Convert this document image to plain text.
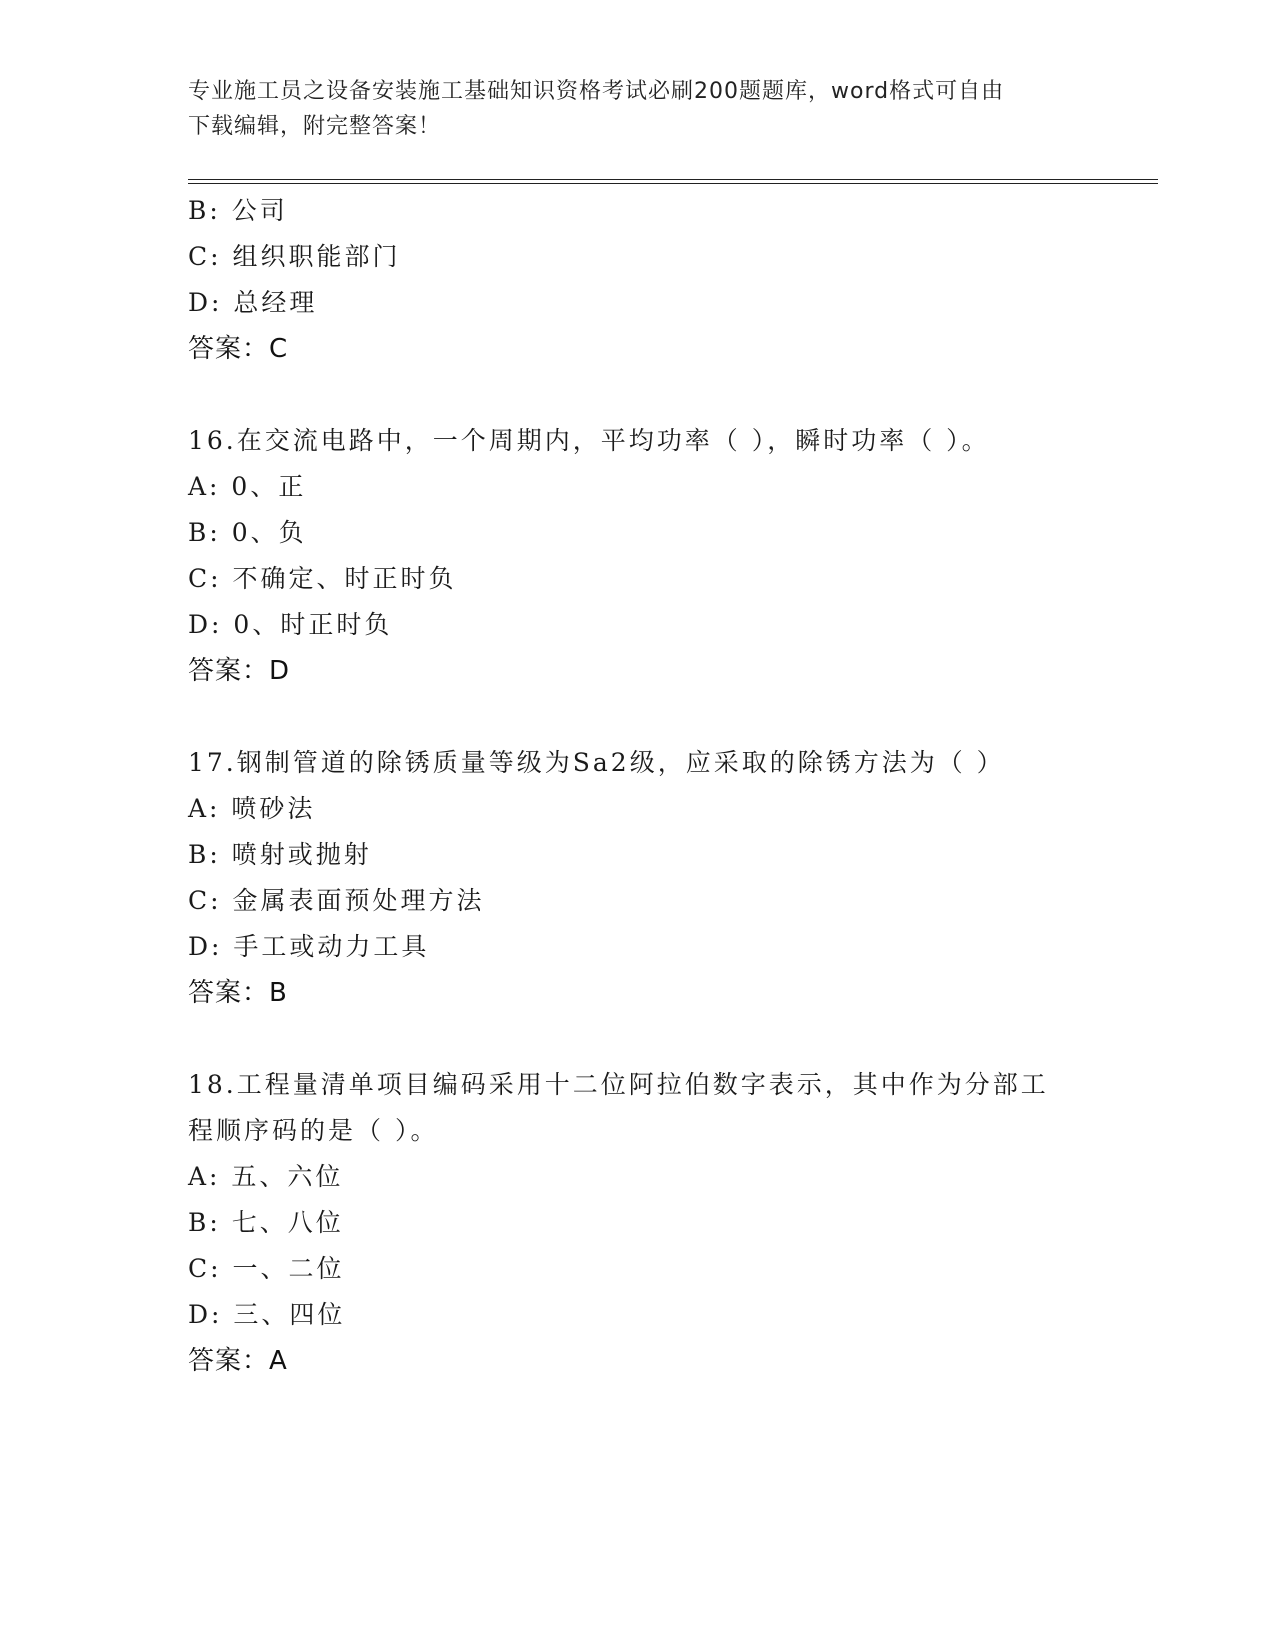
专业施工员之设备安装施工基础知识资格考试必刷200题题库，word格式可自由
下载编辑，附完整答案！
B: 公司
C: 组织职能部门
D: 总经理
答案：C
16.在交流电路中，一个周期内，平均功率（ ），瞬时功率（ ）。
A: 0、正
B: 0、负
C: 不确定、时正时负
D: 0、时正时负
答案：D
17.钢制管道的除锈质量等级为Sa2级，应采取的除锈方法为（ ）
A: 喷砂法
B: 喷射或抛射
C: 金属表面预处理方法
D: 手工或动力工具
答案：B
18.工程量清单项目编码采用十二位阿拉伯数字表示，其中作为分部工
程顺序码的是（ ）。
A: 五、六位
B: 七、八位
C: 一、二位
D: 三、四位
答案：A
